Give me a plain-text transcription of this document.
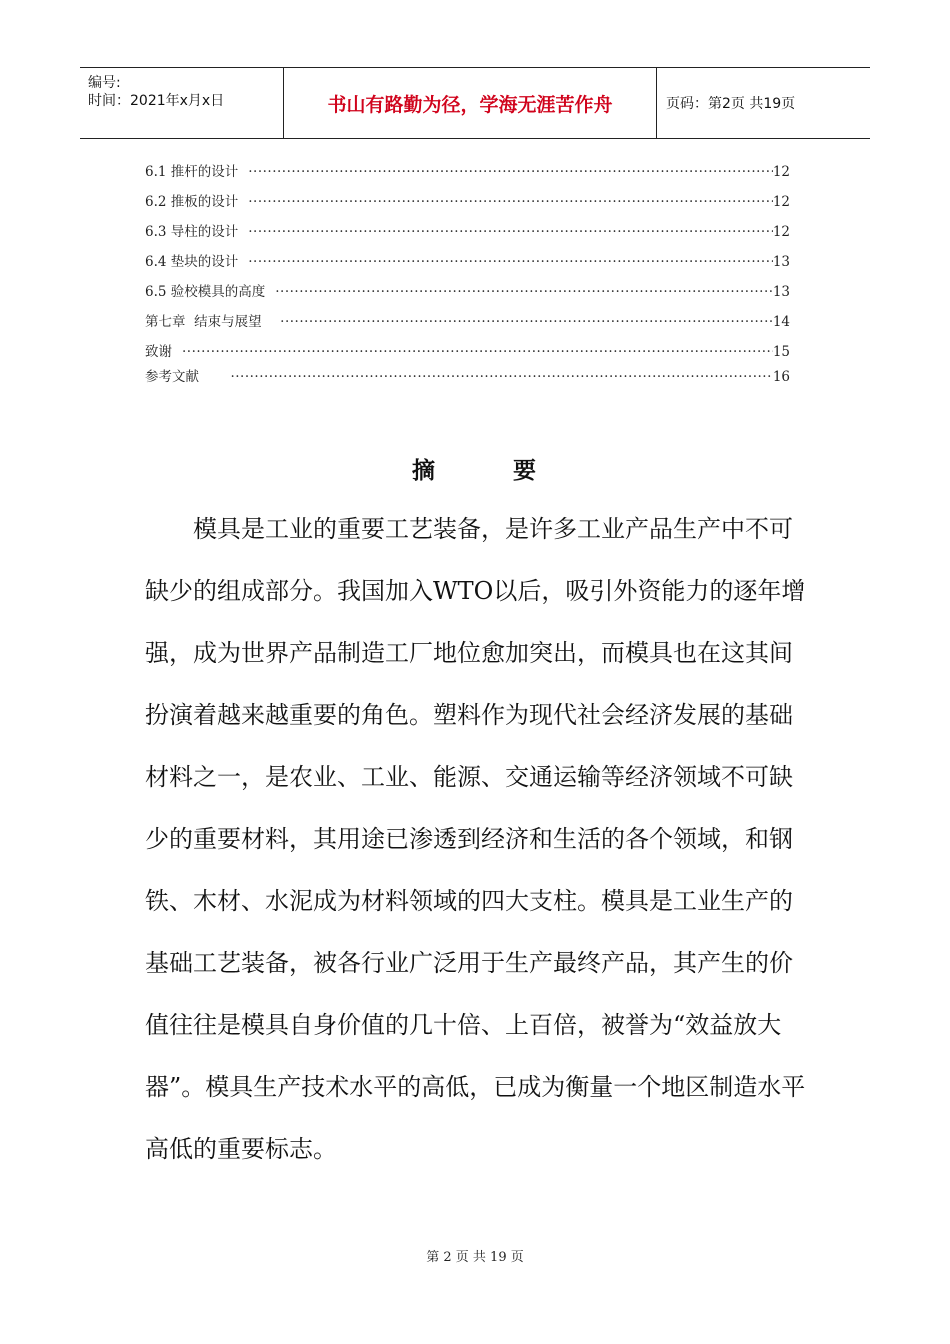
编号:
时间：2021年x月x日	书山有路勤为径，学海无涯苦作舟	页码：第2页 共19页
6.1 推杆的设计 ·····	12
6.2 推板的设计 ·····	12
6.3 导柱的设计 ·····	12
6.4 垫块的设计 ·····	13
6.5 验校模具的高度 ·····	13
第七章  结束与展望 ·····	14
致谢 ·····	15
参考文献 ·····	16
摘	要
模具是工业的重要工艺装备，是许多工业产品生产中不可缺少的组成部分。我国加入WTO以后，吸引外资能力的逐年增强，成为世界产品制造工厂地位愈加突出，而模具也在这其间扮演着越来越重要的角色。塑料作为现代社会经济发展的基础材料之一，是农业、工业、能源、交通运输等经济领域不可缺少的重要材料，其用途已渗透到经济和生活的各个领域，和钢铁、木材、水泥成为材料领域的四大支柱。模具是工业生产的基础工艺装备，被各行业广泛用于生产最终产品，其产生的价值往往是模具自身价值的几十倍、上百倍，被誉为“效益放大器”。模具生产技术水平的高低，已成为衡量一个地区制造水平高低的重要标志。
第 2 页 共 19 页
